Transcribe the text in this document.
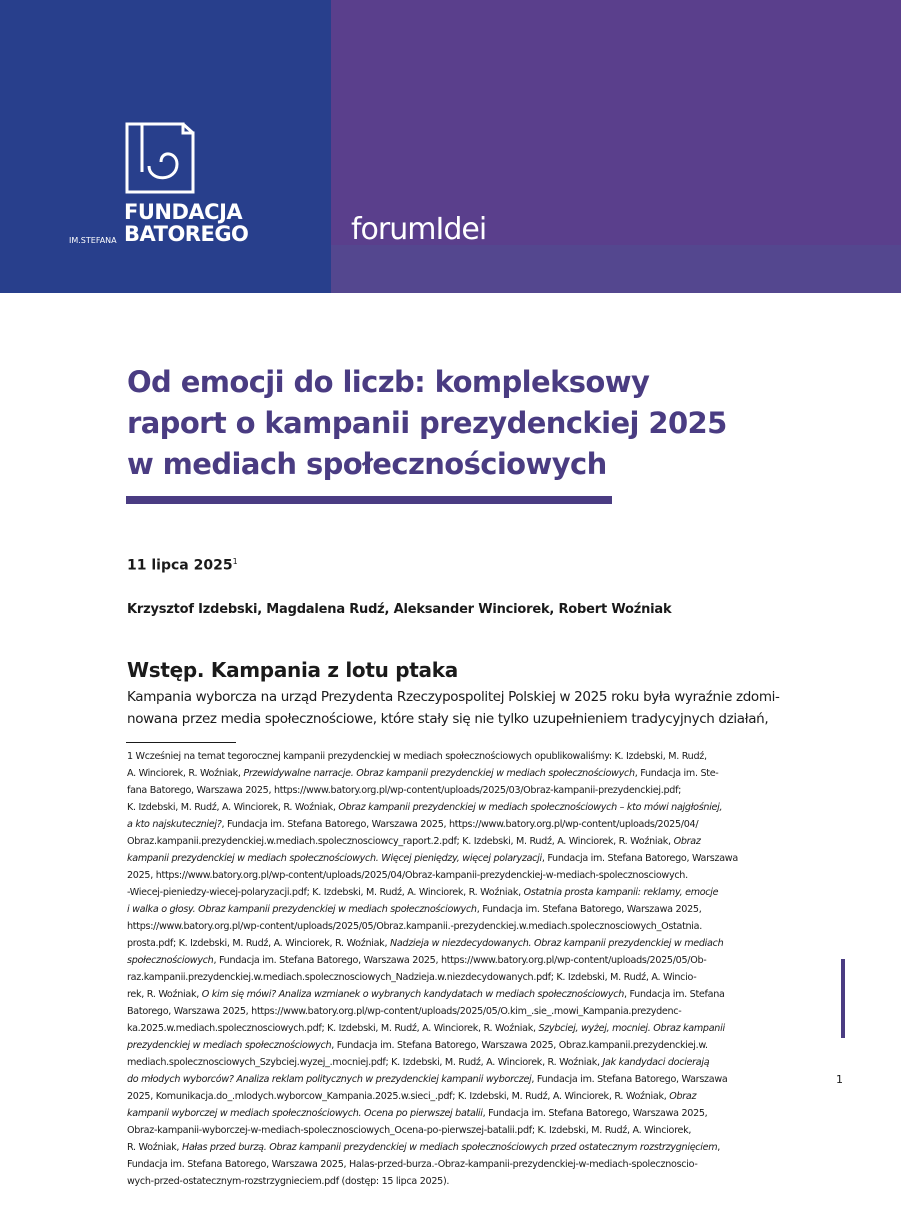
FUNDACJA
IM.STEFANA BATOREGO	forumIdei
Od emocji do liczb: kompleksowy
raport o kampanii prezydenckiej 2025
w mediach społecznościowych
11 lipca 2025$^1$
Krzysztof Izdebski, Magdalena Rudź, Aleksander Winciorek, Robert Woźniak
Wstęp. Kampania z lotu ptaka
Kampania wyborcza na urząd Prezydenta Rzeczypospolitej Polskiej w 2025 roku była wyraźnie zdomi-
nowana przez media społecznościowe, które stały się nie tylko uzupełnieniem tradycyjnych działań,
1 Wcześniej na temat tegorocznej kampanii prezydenckiej w mediach społecznościowych opublikowaliśmy: K. Izdebski, M. Rudź,
A. Winciorek, R. Woźniak, Przewidywalne narracje. Obraz kampanii prezydenckiej w mediach społecznościowych, Fundacja im. Ste-
fana Batorego, Warszawa 2025, https://www.batory.org.pl/wp-content/uploads/2025/03/Obraz-kampanii-prezydenckiej.pdf;
K. Izdebski, M. Rudź, A. Winciorek, R. Woźniak, Obraz kampanii prezydenckiej w mediach społecznościowych – kto mówi najgłośniej,
a kto najskuteczniej?, Fundacja im. Stefana Batorego, Warszawa 2025, https://www.batory.org.pl/wp-content/uploads/2025/04/
Obraz.kampanii.prezydenckiej.w.mediach.spolecznosciowcy_raport.2.pdf; K. Izdebski, M. Rudź, A. Winciorek, R. Woźniak, Obraz
kampanii prezydenckiej w mediach społecznościowych. Więcej pieniędzy, więcej polaryzacji, Fundacja im. Stefana Batorego, Warszawa
2025, https://www.batory.org.pl/wp-content/uploads/2025/04/Obraz-kampanii-prezydenckiej-w-mediach-spolecznosciowych.
-Wiecej-pieniedzy-wiecej-polaryzacji.pdf; K. Izdebski, M. Rudź, A. Winciorek, R. Woźniak, Ostatnia prosta kampanii: reklamy, emocje
i walka o głosy. Obraz kampanii prezydenckiej w mediach społecznościowych, Fundacja im. Stefana Batorego, Warszawa 2025,
https://www.batory.org.pl/wp-content/uploads/2025/05/Obraz.kampanii.-prezydenckiej.w.mediach.spolecznosciowych_Ostatnia.
prosta.pdf; K. Izdebski, M. Rudź, A. Winciorek, R. Woźniak, Nadzieja w niezdecydowanych. Obraz kampanii prezydenckiej w mediach
społecznościowych, Fundacja im. Stefana Batorego, Warszawa 2025, https://www.batory.org.pl/wp-content/uploads/2025/05/Ob-
raz.kampanii.prezydenckiej.w.mediach.spolecznosciowych_Nadzieja.w.niezdecydowanych.pdf; K. Izdebski, M. Rudź, A. Wincio-
rek, R. Woźniak, O kim się mówi? Analiza wzmianek o wybranych kandydatach w mediach społecznościowych, Fundacja im. Stefana
Batorego, Warszawa 2025, https://www.batory.org.pl/wp-content/uploads/2025/05/O.kim_.sie_.mowi_Kampania.prezydenc-
ka.2025.w.mediach.spolecznosciowych.pdf; K. Izdebski, M. Rudź, A. Winciorek, R. Woźniak, Szybciej, wyżej, mocniej. Obraz kampanii
prezydenckiej w mediach społecznościowych, Fundacja im. Stefana Batorego, Warszawa 2025, Obraz.kampanii.prezydenckiej.w.
mediach.spolecznosciowych_Szybciej.wyzej_.mocniej.pdf; K. Izdebski, M. Rudź, A. Winciorek, R. Woźniak, Jak kandydaci docierają
do młodych wyborców? Analiza reklam politycznych w prezydenckiej kampanii wyborczej, Fundacja im. Stefana Batorego, Warszawa
2025, Komunikacja.do_.mlodych.wyborcow_Kampania.2025.w.sieci_.pdf; K. Izdebski, M. Rudź, A. Winciorek, R. Woźniak, Obraz
kampanii wyborczej w mediach społecznościowych. Ocena po pierwszej batalii, Fundacja im. Stefana Batorego, Warszawa 2025,
Obraz-kampanii-wyborczej-w-mediach-spolecznosciowych_Ocena-po-pierwszej-batalii.pdf; K. Izdebski, M. Rudź, A. Winciorek,
R. Woźniak, Hałas przed burzą. Obraz kampanii prezydenckiej w mediach społecznościowych przed ostatecznym rozstrzygnięciem,
Fundacja im. Stefana Batorego, Warszawa 2025, Halas-przed-burza.-Obraz-kampanii-prezydenckiej-w-mediach-spolecznoscio-
wych-przed-ostatecznym-rozstrzygnieciem.pdf (dostęp: 15 lipca 2025).
1
